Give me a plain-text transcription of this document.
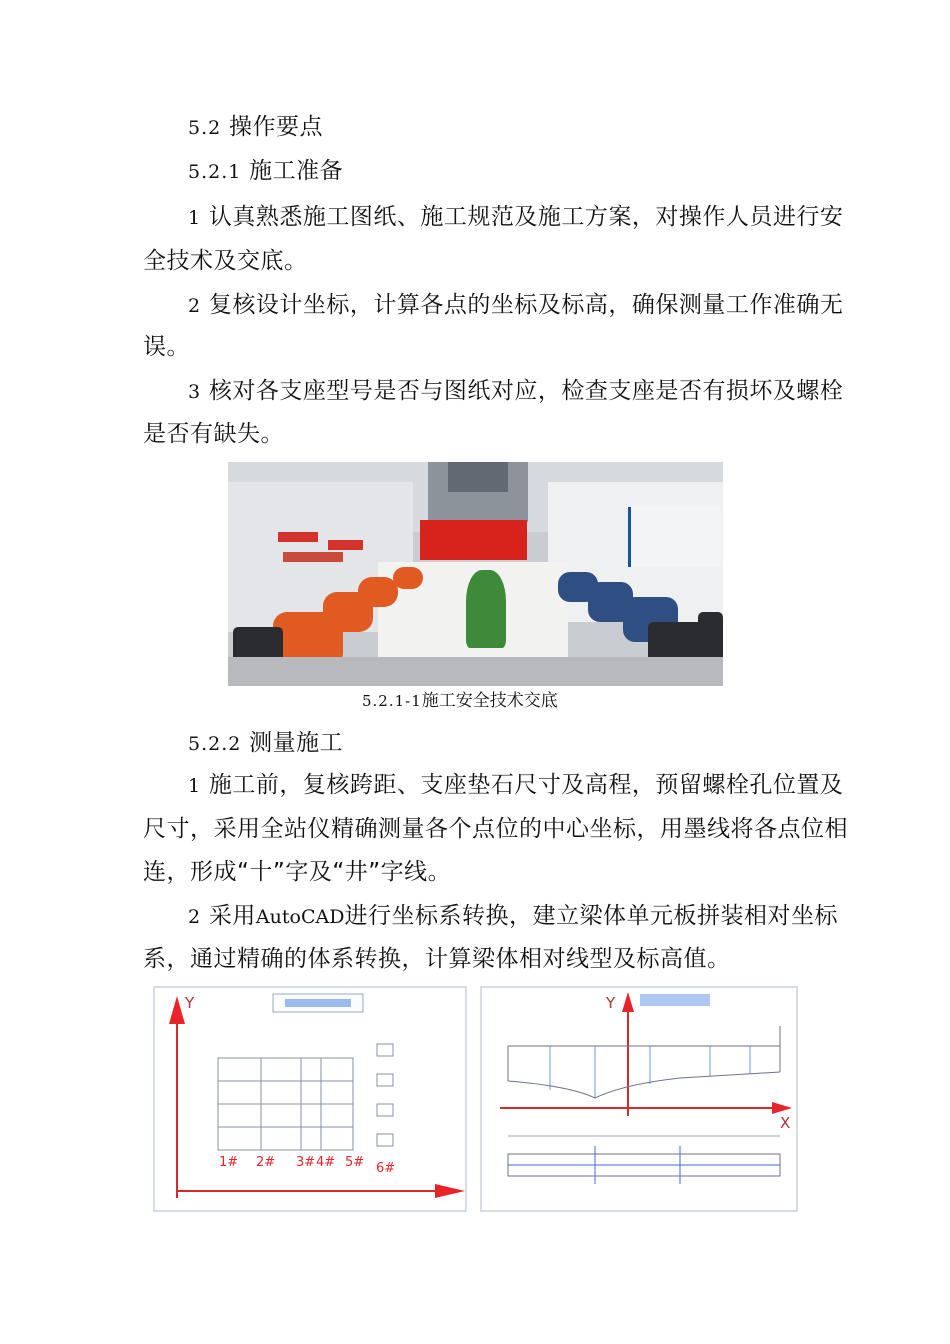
5.2 操作要点
5.2.1 施工准备
1 认真熟悉施工图纸、施工规范及施工方案，对操作人员进行安
全技术及交底。
2 复核设计坐标，计算各点的坐标及标高，确保测量工作准确无
误。
3 核对各支座型号是否与图纸对应，检查支座是否有损坏及螺栓
是否有缺失。
5.2.1-1施工安全技术交底
5.2.2 测量施工
1 施工前，复核跨距、支座垫石尺寸及高程，预留螺栓孔位置及
尺寸，采用全站仪精确测量各个点位的中心坐标，用墨线将各点位相
连，形成“十”字及“井”字线。
2 采用AutoCAD进行坐标系转换，建立梁体单元板拼装相对坐标
系，通过精确的体系转换，计算梁体相对线型及标高值。
Y
1# 2# 3# 4# 5# 6#
Y
X
